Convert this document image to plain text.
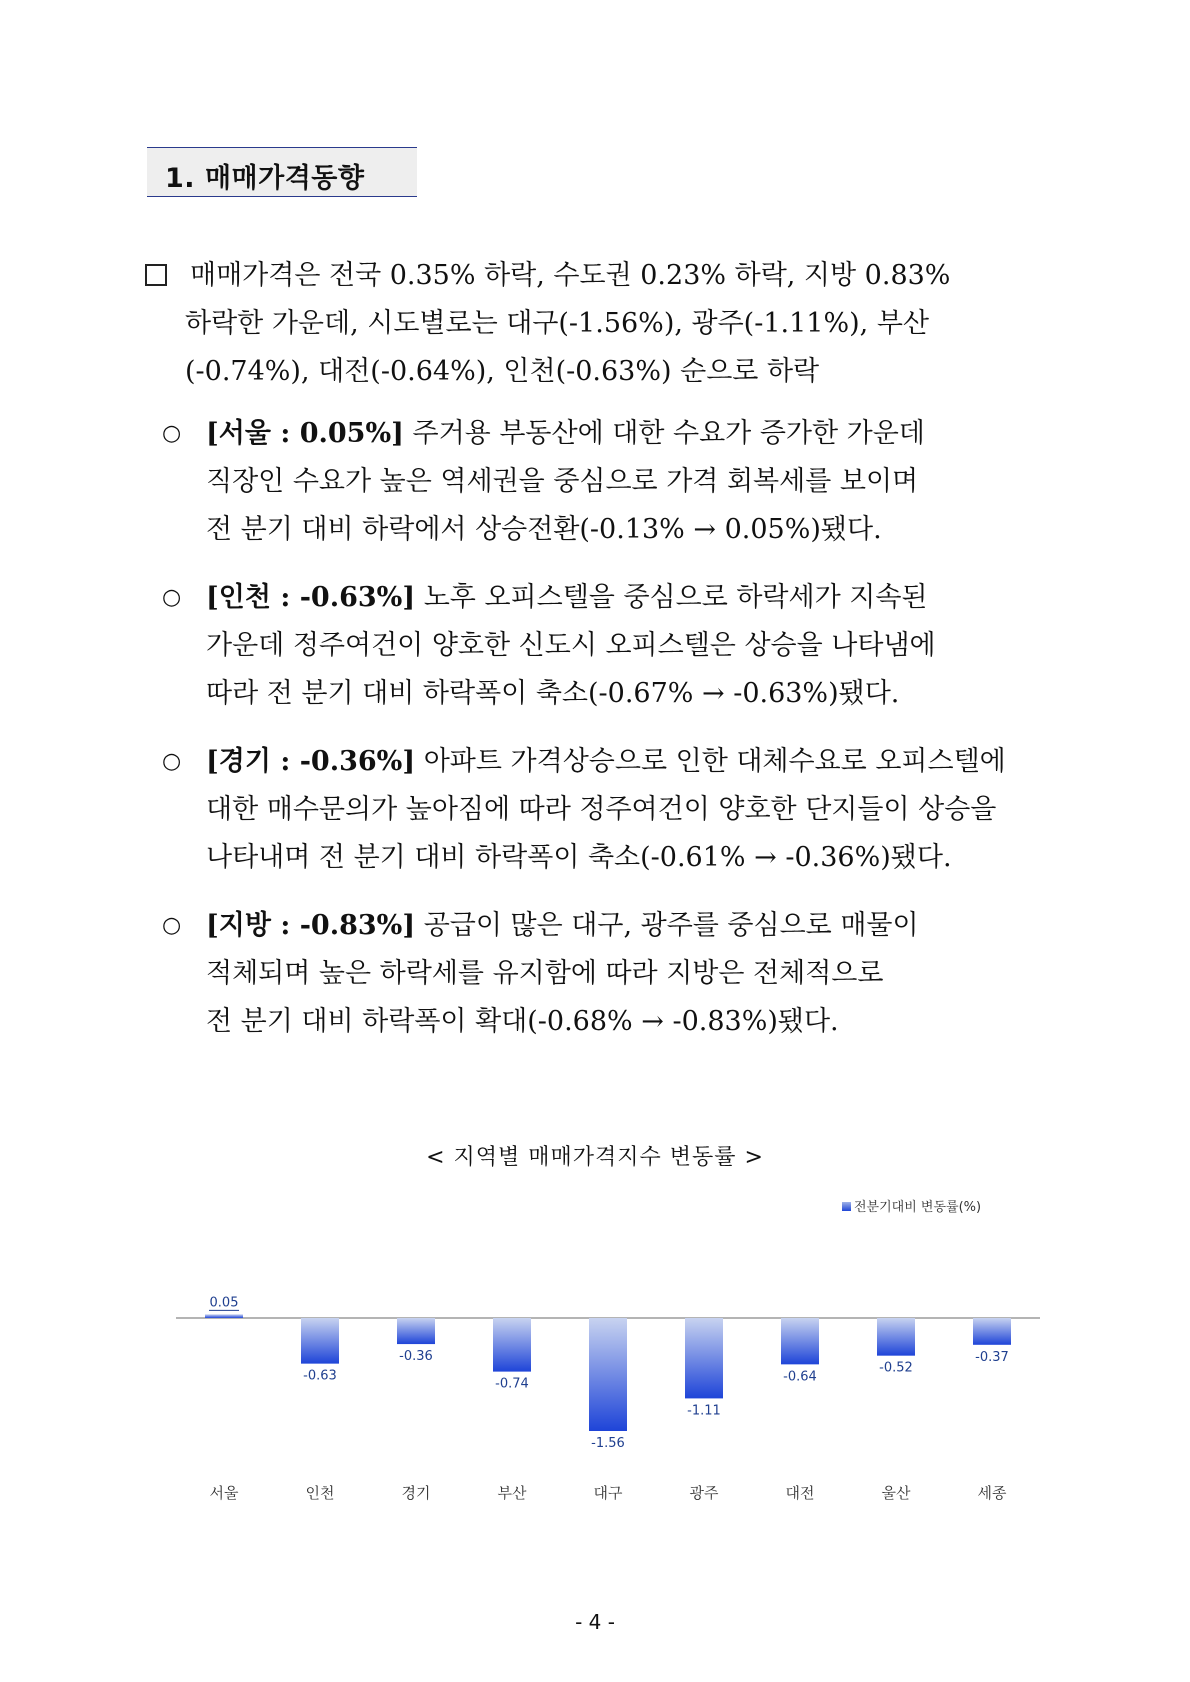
1. 매매가격동향
매매가격은 전국 0.35% 하락, 수도권 0.23% 하락, 지방 0.83%
하락한 가운데, 시도별로는 대구(-1.56%), 광주(-1.11%), 부산
(-0.74%), 대전(-0.64%), 인천(-0.63%) 순으로 하락
○ [서울 : 0.05%] 주거용 부동산에 대한 수요가 증가한 가운데
직장인 수요가 높은 역세권을 중심으로 가격 회복세를 보이며
전 분기 대비 하락에서 상승전환(-0.13% → 0.05%)됐다.
○ [인천 : -0.63%] 노후 오피스텔을 중심으로 하락세가 지속된
가운데 정주여건이 양호한 신도시 오피스텔은 상승을 나타냄에
따라 전 분기 대비 하락폭이 축소(-0.67% → -0.63%)됐다.
○ [경기 : -0.36%] 아파트 가격상승으로 인한 대체수요로 오피스텔에
대한 매수문의가 높아짐에 따라 정주여건이 양호한 단지들이 상승을
나타내며 전 분기 대비 하락폭이 축소(-0.61% → -0.36%)됐다.
○ [지방 : -0.83%] 공급이 많은 대구, 광주를 중심으로 매물이
적체되며 높은 하락세를 유지함에 따라 지방은 전체적으로
전 분기 대비 하락폭이 확대(-0.68% → -0.83%)됐다.
< 지역별 매매가격지수 변동률 >
전분기대비 변동률(%)
0.05
서울
-0.63
인천
-0.36
경기
-0.74
부산
-1.56
대구
-1.11
광주
-0.64
대전
-0.52
울산
-0.37
세종
- 4 -
